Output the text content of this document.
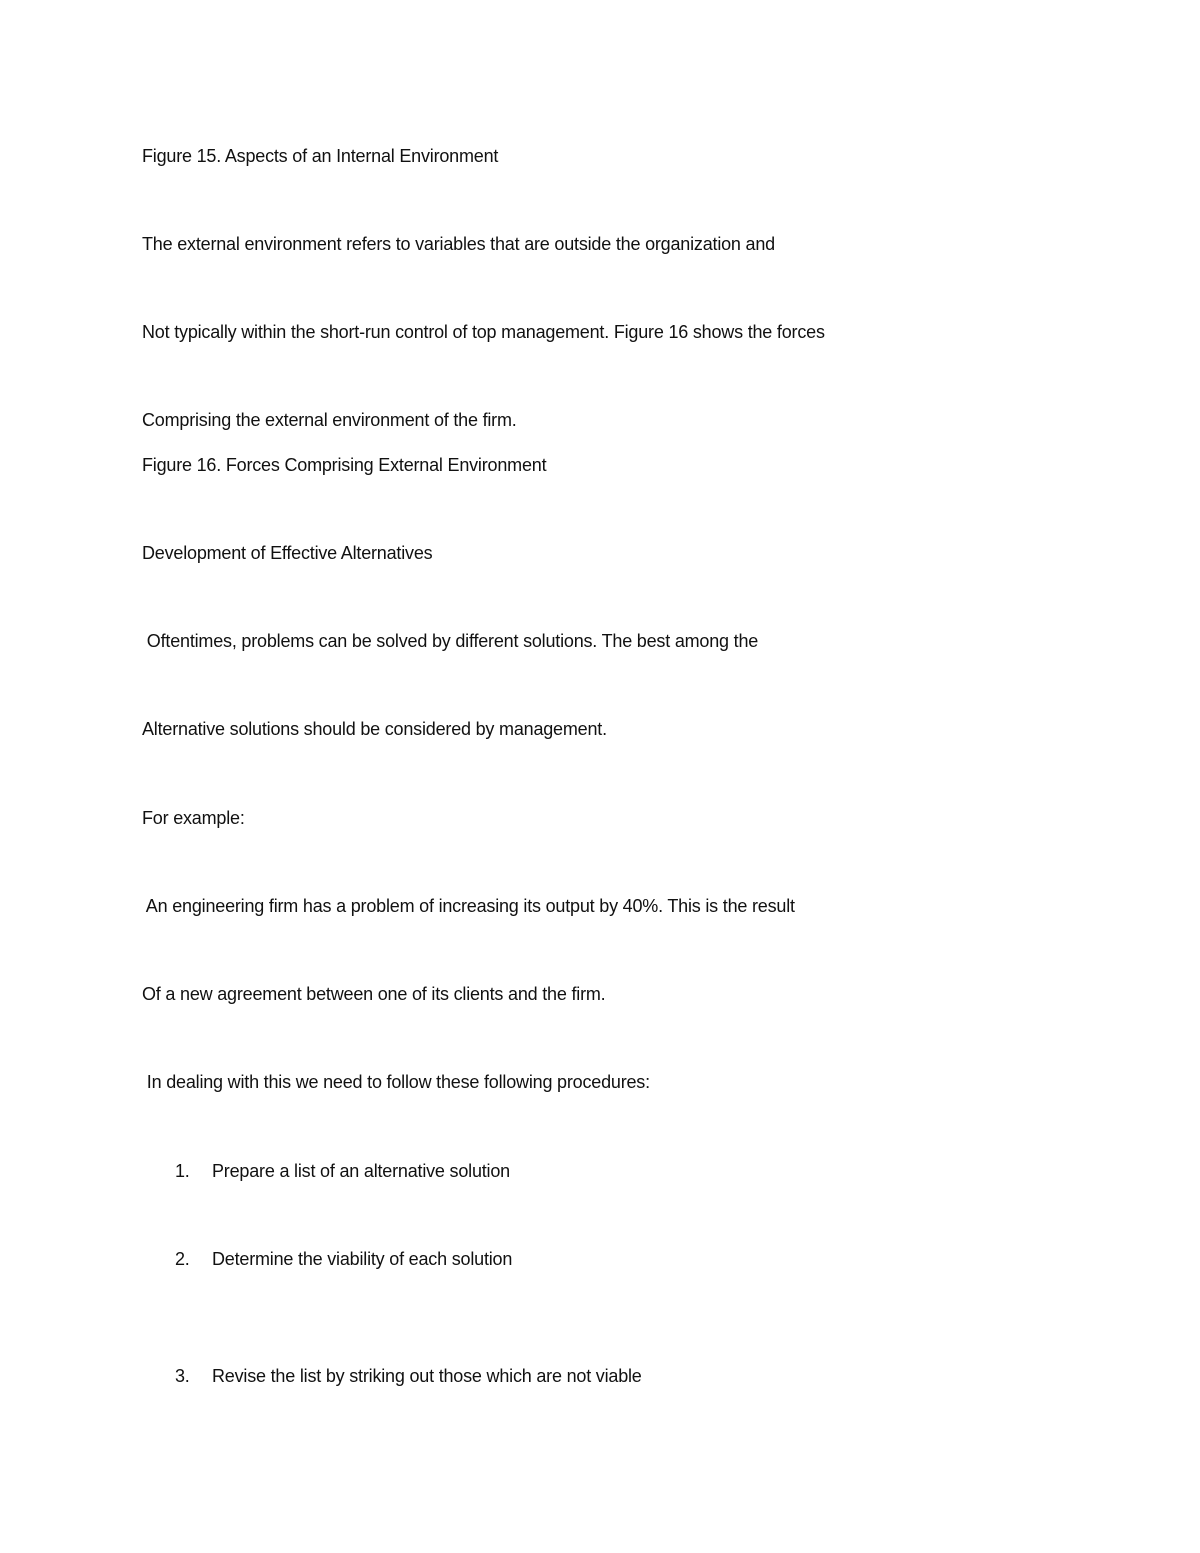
Figure 15. Aspects of an Internal Environment
The external environment refers to variables that are outside the organization and
Not typically within the short-run control of top management. Figure 16 shows the forces
Comprising the external environment of the firm.
Figure 16. Forces Comprising External Environment
Development of Effective Alternatives
Oftentimes, problems can be solved by different solutions. The best among the
Alternative solutions should be considered by management.
For example:
An engineering firm has a problem of increasing its output by 40%. This is the result
Of a new agreement between one of its clients and the firm.
In dealing with this we need to follow these following procedures:
1. Prepare a list of an alternative solution
2. Determine the viability of each solution
3. Revise the list by striking out those which are not viable
